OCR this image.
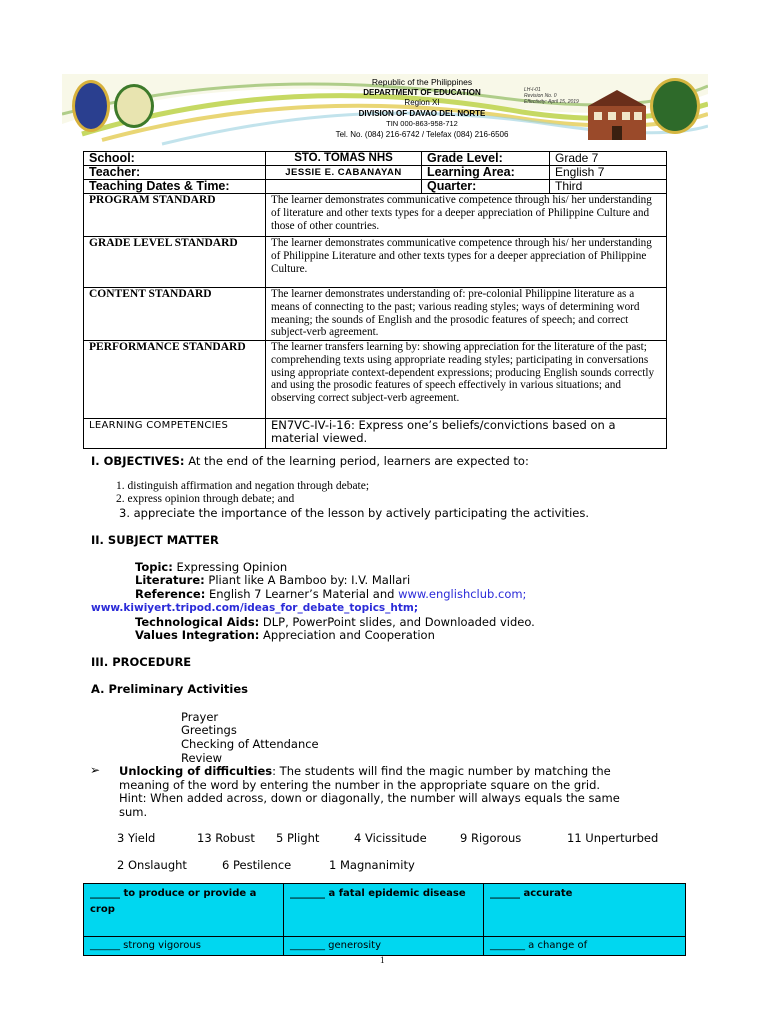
Republic of the Philippines
DEPARTMENT OF EDUCATION
Region XI
DIVISION OF DAVAO DEL NORTE
TIN 000-863-958-712
Tel. No. (084) 216-6742 / Telefax (084) 216-6506
LH-I-01
Revision No. 0
Effectivity: April 15, 2019
School:	STO. TOMAS NHS	Grade Level:	Grade 7
Teacher:	JESSIE E. CABANAYAN	Learning Area:	English 7
Teaching Dates & Time:		Quarter:	Third
PROGRAM STANDARD	The learner demonstrates communicative competence through his/ her understanding of literature and other texts types for a deeper appreciation of Philippine Culture and those of other countries.		
GRADE LEVEL STANDARD	The learner demonstrates communicative competence through his/ her understanding of Philippine Literature and other texts types for a deeper appreciation of Philippine Culture.		
CONTENT STANDARD	The learner demonstrates understanding of: pre-colonial Philippine literature as a means of connecting to the past; various reading styles; ways of determining word meaning; the sounds of English and the prosodic features of speech; and correct subject-verb agreement.		
PERFORMANCE STANDARD	The learner transfers learning by: showing appreciation for the literature of the past; comprehending texts using appropriate reading styles; participating in conversations using appropriate context-dependent expressions; producing English sounds correctly and using the prosodic features of speech effectively in various situations; and observing correct subject-verb agreement.		
LEARNING COMPETENCIES	EN7VC-IV-i-16: Express one’s beliefs/convictions based on a material viewed.		
I. OBJECTIVES: At the end of the learning period, learners are expected to:
1. distinguish affirmation and negation through debate;
2. express opinion through debate; and
3. appreciate the importance of the lesson by actively participating the activities.
II. SUBJECT MATTER
Topic: Expressing Opinion
Literature: Pliant like A Bamboo by: I.V. Mallari
Reference: English 7 Learner’s Material and www.englishclub.com;
www.kiwiyert.tripod.com/ideas_for_debate_topics_htm;
Technological Aids: DLP, PowerPoint slides, and Downloaded video.
Values Integration: Appreciation and Cooperation
III. PROCEDURE
A. Preliminary Activities
Prayer
Greetings
Checking of Attendance
Review
➢ Unlocking of difficulties: The students will find the magic number by matching the
meaning of the word by entering the number in the appropriate square on the grid.
Hint: When added across, down or diagonally, the number will always equals the same
sum.
3 Yield	13 Robust 5 Plight	4 Vicissitude	9 Rigorous	11 Unperturbed
2 Onslaught	6 Pestilence	1 Magnanimity
______ to produce or provide a crop	_______ a fatal epidemic disease	______ accurate
______ strong vigorous	_______ generosity	_______ a change of
1
